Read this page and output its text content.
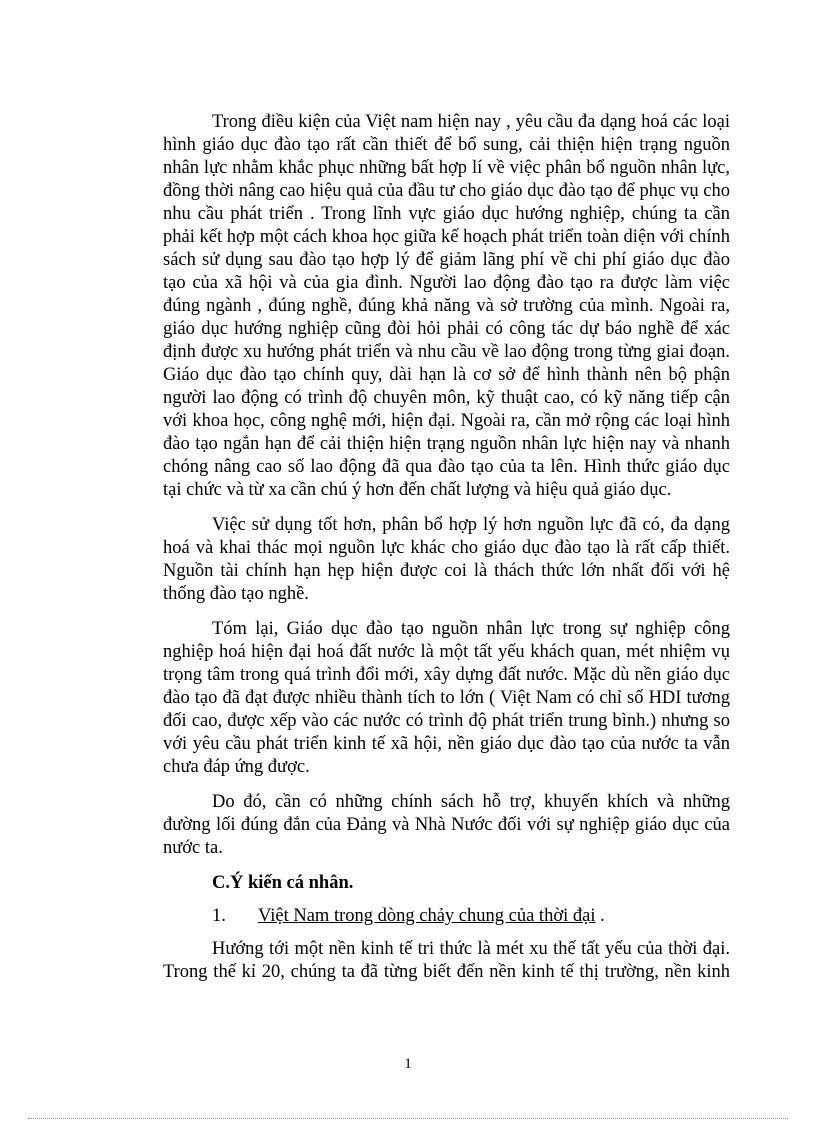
Trong điều kiện của Việt nam hiện nay , yêu cầu đa dạng hoá các loại hình giáo dục đào tạo rất cần thiết để bổ sung, cải thiện hiện trạng nguồn nhân lực nhằm khắc phục những bất hợp lí về việc phân bổ nguồn nhân lực, đồng thời nâng cao hiệu quả của đầu tư cho giáo dục đào tạo để phục vụ cho nhu cầu phát triển . Trong lĩnh vực giáo dục hướng nghiệp, chúng ta cần phải kết hợp một cách khoa học giữa kế hoạch phát triển toàn diện với chính sách sử dụng sau đào tạo hợp lý để giảm lãng phí về chi phí giáo dục đào tạo của xã hội và của gia đình. Người lao động đào tạo ra được làm việc đúng ngành , đúng nghề, đúng khả năng và sở trường của mình. Ngoài ra, giáo dục hướng nghiệp cũng đòi hỏi phải có công tác dự báo nghề để xác định được xu hướng phát triển và nhu cầu về lao động trong từng giai đoạn. Giáo dục đào tạo chính quy, dài hạn là cơ sở để hình thành nên bộ phận người lao động có trình độ chuyên môn, kỹ thuật cao, có kỹ năng tiếp cận với khoa học, công nghệ mới, hiện đại. Ngoài ra, cần mở rộng các loại hình đào tạo ngắn hạn để cải thiện hiện trạng nguồn nhân lực hiện nay và nhanh chóng nâng cao số lao động đã qua đào tạo của ta lên. Hình thức giáo dục tại chức và từ xa cần chú ý hơn đến chất lượng và hiệu quả giáo dục.

Việc sử dụng tốt hơn, phân bổ hợp lý hơn nguồn lực đã có, đa dạng hoá và khai thác mọi nguồn lực khác cho giáo dục đào tạo là rất cấp thiết. Nguồn tài chính hạn hẹp hiện được coi là thách thức lớn nhất đối với hệ thống đào tạo nghề.

Tóm lại, Giáo dục đào tạo nguồn nhân lực trong sự nghiệp công nghiệp hoá hiện đại hoá đất nước là một tất yếu khách quan, mét nhiệm vụ trọng tâm trong quá trình đổi mới, xây dựng đất nước. Mặc dù nền giáo dục đào tạo đã đạt được nhiều thành tích to lớn ( Việt Nam có chỉ số HDI tương đối cao, được xếp vào các nước có trình độ phát triển trung bình.) nhưng so với yêu cầu phát triển kinh tế xã hội, nền giáo dục đào tạo của nước ta vẫn chưa đáp ứng được.

Do đó, cần có những chính sách hỗ trợ, khuyến khích và những đường lối đúng đắn của Đảng và Nhà Nước đối với sự nghiệp giáo dục của nước ta.

C.Ý kiến cá nhân.

1. Việt Nam trong dòng chảy chung của thời đại .

Hướng tới một nền kinh tế tri thức là mét xu thế tất yếu của thời đại. Trong thế kỉ 20, chúng ta đã từng biết đến nền kinh tế thị trường, nền kinh

1
